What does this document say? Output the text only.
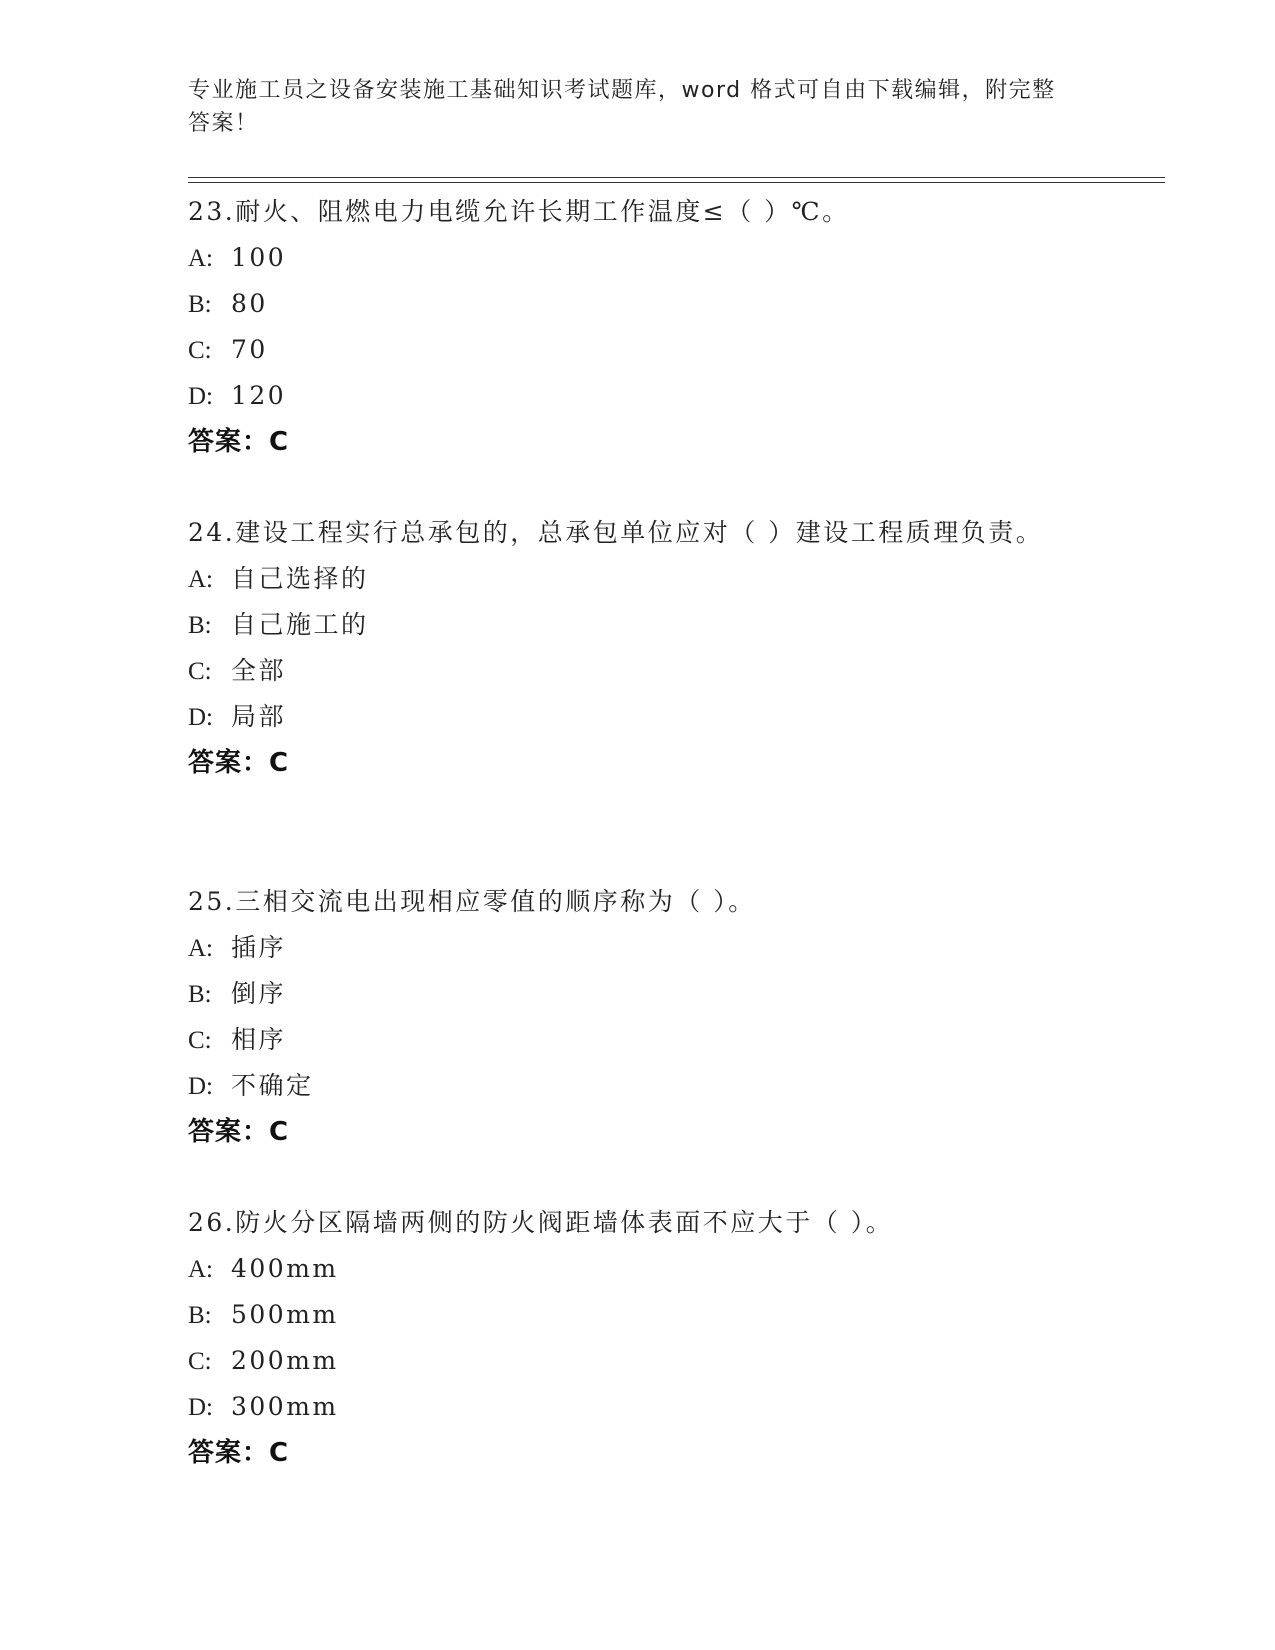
专业施工员之设备安装施工基础知识考试题库，word 格式可自由下载编辑，附完整答案！
23.耐火、阻燃电力电缆允许长期工作温度≤（ ）℃。
A: 100
B: 80
C: 70
D: 120
答案：C
24.建设工程实行总承包的，总承包单位应对（ ）建设工程质理负责。
A: 自己选择的
B: 自己施工的
C: 全部
D: 局部
答案：C
25.三相交流电出现相应零值的顺序称为（ ）。
A: 插序
B: 倒序
C: 相序
D: 不确定
答案：C
26.防火分区隔墙两侧的防火阀距墙体表面不应大于（ ）。
A: 400mm
B: 500mm
C: 200mm
D: 300mm
答案：C
